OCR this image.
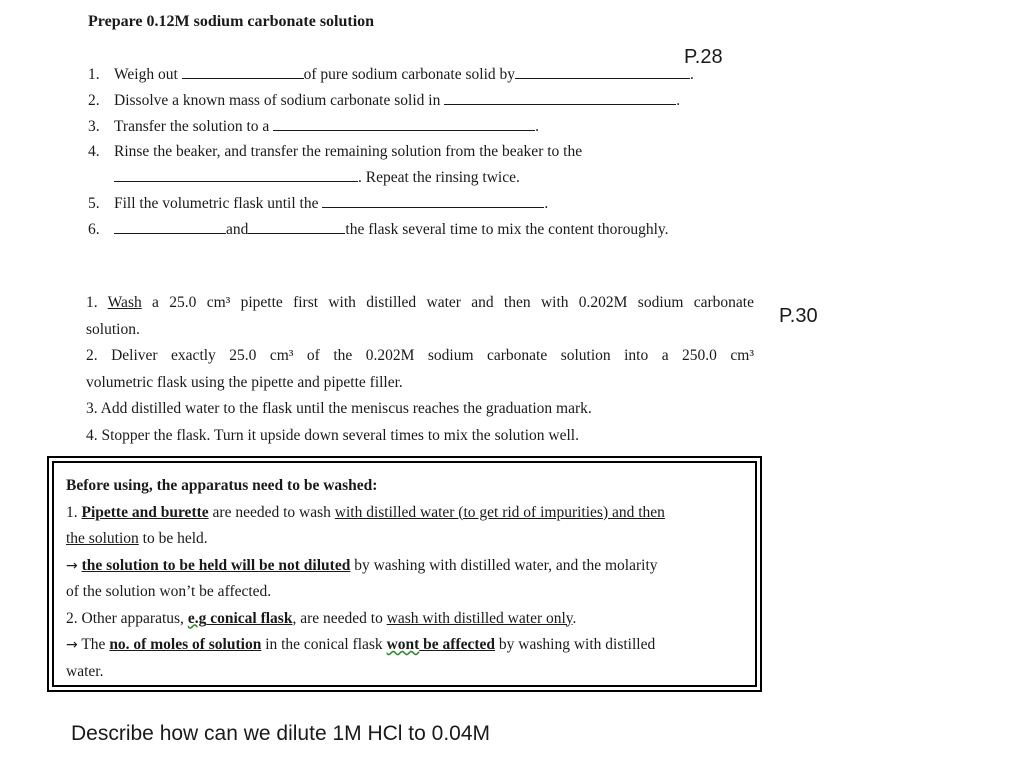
Prepare 0.12M sodium carbonate solution
P.28
P.30
1. Weigh out	of pure sodium carbonate solid by	.
2. Dissolve a known mass of sodium carbonate solid in	.
3. Transfer the solution to a	.
4. Rinse the beaker, and transfer the remaining solution from the beaker to the
. Repeat the rinsing twice.
5. Fill the volumetric flask until the	.
6.	and	the flask several time to mix the content thoroughly.
1. Wash a 25.0 cm³ pipette first with distilled water and then with 0.202M sodium carbonate
solution.
2. Deliver exactly 25.0 cm³ of the 0.202M sodium carbonate solution into a 250.0 cm³
volumetric flask using the pipette and pipette filler.
3. Add distilled water to the flask until the meniscus reaches the graduation mark.
4. Stopper the flask. Turn it upside down several times to mix the solution well.
Before using, the apparatus need to be washed:
1. Pipette and burette are needed to wash with distilled water (to get rid of impurities) and then
the solution to be held.
→ the solution to be held will be not diluted by washing with distilled water, and the molarity
of the solution won’t be affected.
2. Other apparatus, e.g conical flask, are needed to wash with distilled water only.
→ The no. of moles of solution in the conical flask wont be affected by washing with distilled
water.
Describe how can we dilute 1M HCl to 0.04M
